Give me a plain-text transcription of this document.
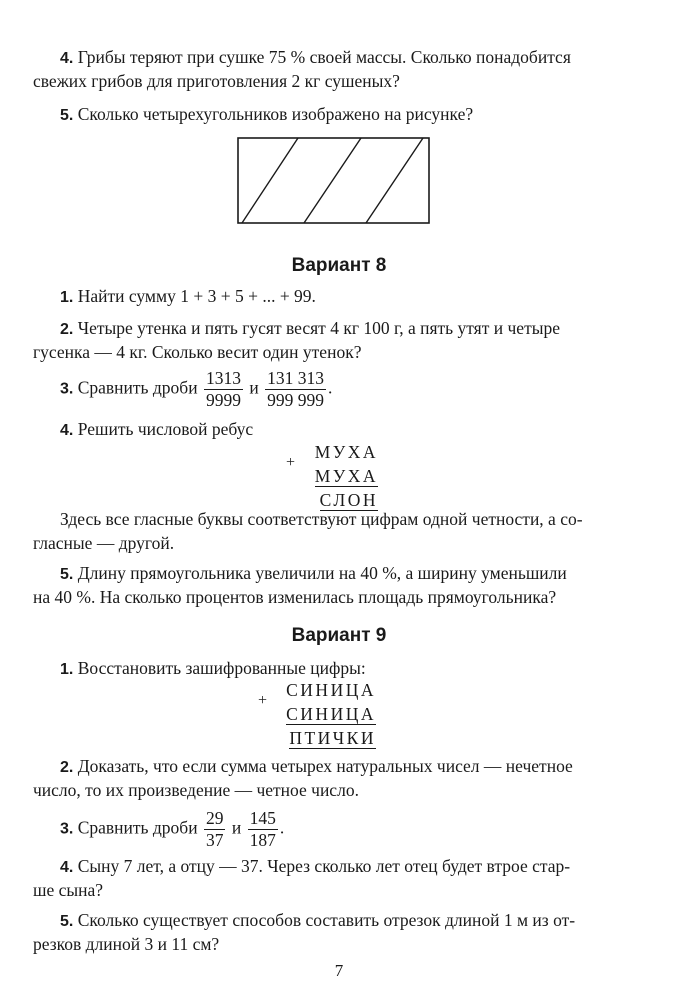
4. Грибы теряют при сушке 75 % своей массы. Сколько понадобится
свежих грибов для приготовления 2 кг сушеных?
5. Сколько четырехугольников изображено на рисунке?
Вариант 8
1. Найти сумму 1 + 3 + 5 + ... + 99.
2. Четыре утенка и пять гусят весят 4 кг 100 г, а пять утят и четыре
гусенка — 4 кг. Сколько весит один утенок?
3. Сравнить дроби $\frac{1313}{9999}$ и $\frac{131 313}{999 999}$ .
4. Решить числовой ребус
+
МУХА
МУХА
СЛОН
Здесь все гласные буквы соответствуют цифрам одной четности, а со-
гласные — другой.
5. Длину прямоугольника увеличили на 40 %, а ширину уменьшили
на 40 %. На сколько процентов изменилась площадь прямоугольника?
Вариант 9
1. Восстановить зашифрованные цифры:
+
СИНИЦА
СИНИЦА
ПТИЧКИ
2. Доказать, что если сумма четырех натуральных чисел — нечетное
число, то их произведение — четное число.
3. Сравнить дроби $\frac{29}{37}$ и $\frac{145}{187}$ .
4. Сыну 7 лет, а отцу — 37. Через сколько лет отец будет втрое стар-
ше сына?
5. Сколько существует способов составить отрезок длиной 1 м из от-
резков длиной 3 и 11 см?
7
